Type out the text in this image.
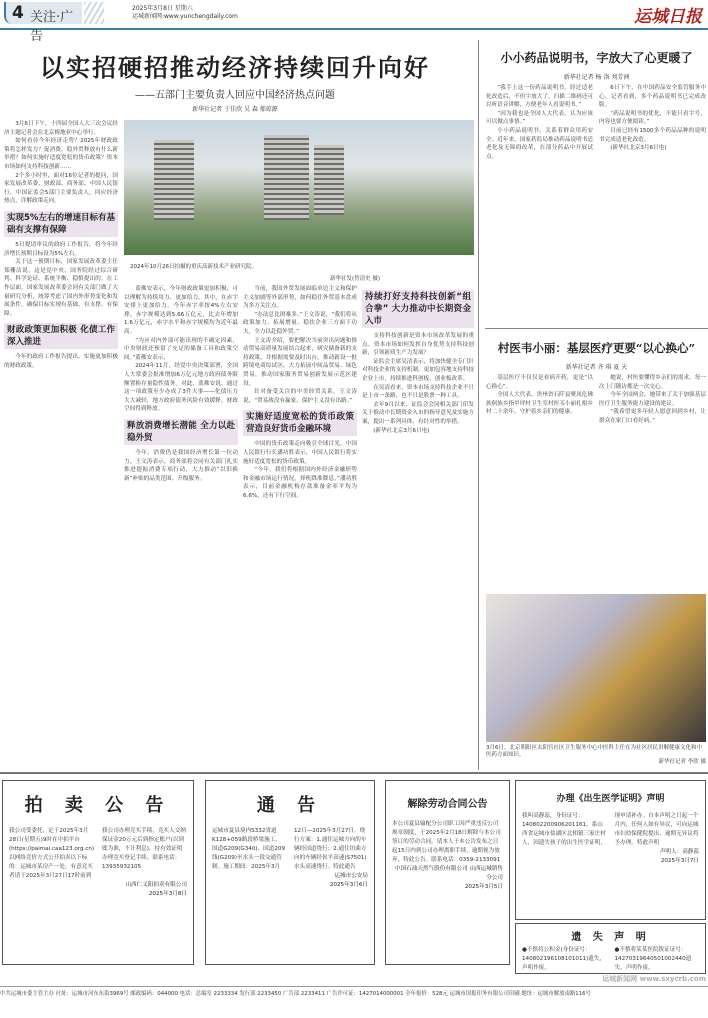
4 关注·广告
2025年3月8日 星期六
运城新闻网:www.yunchengdaily.com	运城日报
以实招硬招推动经济持续回升向好
——五部门主要负责人回应中国经济热点问题
新华社记者 于佳欣 吴 森 郁琼源

3月6日下午，十四届全国人大三次会议经济主题记者会在北京梅地亚中心举行。

如何看待今年经济走势？2025年财政政策将怎样发力？促消费、稳外贸释放有什么新举措？如何实施好适度宽松的货币政策？资本市场如何支持科技创新……

2个多小时里，面对16位记者的提问，国家发展改革委、财政部、商务部、中国人民银行、中国证监会5部门主要负责人，回应经济热点，详解政策走向。

实现5%左右的增速目标有基础有支撑有保障

5日提请审议的政府工作报告，将今年经济增长预期目标设为5%左右。

关于这一预期目标，国家发展改革委主任郑栅洁说，这是党中央、国务院经过综合研判、科学论证、系统平衡、稳慎提出的。在工作层面，国家发展改革委会同有关部门做了大量研究分析，统筹考虑了国内外形势变化和发展条件，确保目标实现有基础、有支撑、有保障。

财政政策更加积极 化债工作深入推进

今年的政府工作报告提出，实施更加积极的财政政策。

2024年10月26日拍摄的重庆高新技术产业研究院。
新华社发(智清史 摄)

蓝佛安表示，今年财政政策更加积极，可以理解为持续用力、更加给力。其中，在赤字安排上更加给力。今年赤字率按4%左右安排，赤字规模达到5.66万亿元，比去年增加1.6万亿元，赤字水平和赤字规模均为近年最高。

“为应对内外部可能出现的不确定因素，中央财政还预留了充足的储备工具和政策空间。”蓝佛安表示。

2024年11月，经党中央决策部署，全国人大常委会批准增加6万亿元地方政府债务限额置换存量隐性债务。对此，蓝佛安说，通过这一项政策至少办成了3件大事——化债压力大大减轻，地方政府债务风险有效缓释，财政空间得到释放。

释放消费增长潜能 全力以赴稳外贸

今年，消费仍是我国经济增长第一拉动力。王文涛表示，商务部将会同有关部门扎实推进提振消费专项行动，大力推动“以旧换新”补贴的品类范围、升级服务。

当前，我国外贸发展面临单边主义和保护主义加剧等外部形势，如何稳住外贸基本盘成为多方关注点。

“办法总比困难多。”王文涛说，“我们将从政策加力、拓展增量、稳扶企业三方面下功夫，全力以赴稳外贸。”

王文涛介绍，要把解决当前突出问题和推动贸易高质量发展结合起来，研究储备新的支持政策，并根据需要及时出台，推动新设一批跨境电商综试区，大力拓展中间品贸易、绿色贸易，推动国家服务贸易创新发展示范区建设。

针对备受关注的中美经贸关系，王文涛说，“贸易战没有赢家，保护主义没有出路。”

实施好适度宽松的货币政策 营造良好货币金融环境

中国的货币政策走向吸引全球目光。中国人民银行行长潘功胜表示，中国人民银行将实施好适度宽松的货币政策。

“今年，我们将根据国内外经济金融形势和金融市场运行情况，择机降准降息。”潘功胜表示，目前金融机构存款准备金率平均为6.6%，还有下行空间。

持续打好支持科技创新“组合拳” 大力推动中长期资金入市

支持科技创新是资本市场改革发展的重点。资本市场如何发挥自身优势支持科技创新，引领新质生产力发展？

证监会主席吴清表示，将加快健全专门针对科技企业的支持机制。更加包容地支持科技企业上市，持续推进科创板、创业板改革。

在吴清看来，资本市场支持科技企业不只是上市一条路，也不只是股票一种工具。

去年9月以来，证监会会同相关部门印发关于推动中长期资金入市的指导意见及实施方案，提出一系列具体、有针对性的举措。

(新华社北京3月6日电)

小小药品说明书，字放大了心更暖了
新华社记者 杨 洛 刘芳洲

“我手上这一份药品说明书，经过适老化改造后，不但字放大了，扫描二维码还可以听语音讲解，方便老年人看说明书。”

“因为我也是全国人大代表，认为应该可以做点事情。”

小小药品说明书，关系着群众用药安全。近年来，国家药监局推动药品说明书适老化及无障碍改革，在部分药品中开展试点。

6日下午，在中国药品安全监管服务中心，记者看到，多个药品说明书已完成改版。

“药品说明书的优化，不能只看字号，内容也要方便阅读。”

目前已经有1500多个药品品种的说明书完成适老化改造。

(新华社北京3月6日电)

村医韦小丽：基层医疗更要“以心换心”
新华社记者 齐 琪 夏 天

基层医疗不仅仅是看病开药，更是“以心换心”。

全国人大代表、贵州省石阡县聚凤仡佛族侗族乡指甲坪村卫生室村医韦小丽扎根乡村二十余年，守护着乡亲们的健康。

她说，村医要懂得乡亲们的需求，每一次上门随访都是一次交心。

今年全国两会，她带来了关于加强基层医疗卫生服务能力建设的建议。

“我希望更多年轻人愿意回到乡村，让群众在家门口看好病。”

3月6日，北京朝阳区太阳宫社区卫生服务中心中医科主任在为社区居民讲解健康文化和中医药方面知识。
新华社记者 李欣 摄
拍 卖 公 告
我公司受委托，定于2025年3月28日(星期五)9时在中拍平台(https://paimai.caa123.org.cn)以网络竞价方式公开拍卖以下标的：运城市某房产一处。有意竞买者请于2025年3月27日17时前到我公司办理竞买手续，竞买人交纳保证金20万元后到指定账户(以到账为准，不计利息)，持有效证明办理竞买登记手续。联系电话：13935932105
山西仁义阳拍卖有限公司
2025年3月8日
通 告
运城市夏县境内S332省道K128+059路段桥梁施工，国道G209(G340)、国道209线(G209)至水头一段交通管制。施工期间：2025年3月12日—2025年3月27日。绕行方案：1.通往运城方向的车辆经国道绕行；2.通往垣曲方向的车辆经侯平高速(S7501)水头高速绕行。特此通告
运城市公安局
2025年3月6日
解除劳动合同公告
本公司夏县输配分公司职工因严重违反公司规章制度，于2025年2月18日解除与本公司签订的劳动合同。请本人于本公告发布之日起15日内到公司办理离职手续，逾期视为放弃，特此公告。联系电话：0359-2133091
中国石油天然气股份有限公司 山西运城销售分公司
2025年3月5日
办理《出生医学证明》声明
我叫高静蕊，身份证号：140802200906201161，系山西省运城市盐湖区北相镇三家庄村人，因遗失孩子的出生医学证明，现申请补办。自本声明之日起一个月内，任何人如有异议，可向运城市妇幼保健院提出，逾期无异议将予办理。特此声明
声明人：高静蕊
2025年3月7日
遗 失 声 明
●不慎将公积金(身份证号：140802196108101011)遗失，声明作废。
●不慎将某某医院拨证证号：14270319640501002440遗失，声明作废。
运城新闻网 www.sxycrb.com
中共运城市委主管主办 社址：运城市河东东街3969号 邮政编码：044000 电话：总编室 2233334 发行部 2233450 广告部 2233411 广告许可证：1427014000001 全年报价：528元 运城市国报印务有限公司印刷 地址：运城市解放南路116号
